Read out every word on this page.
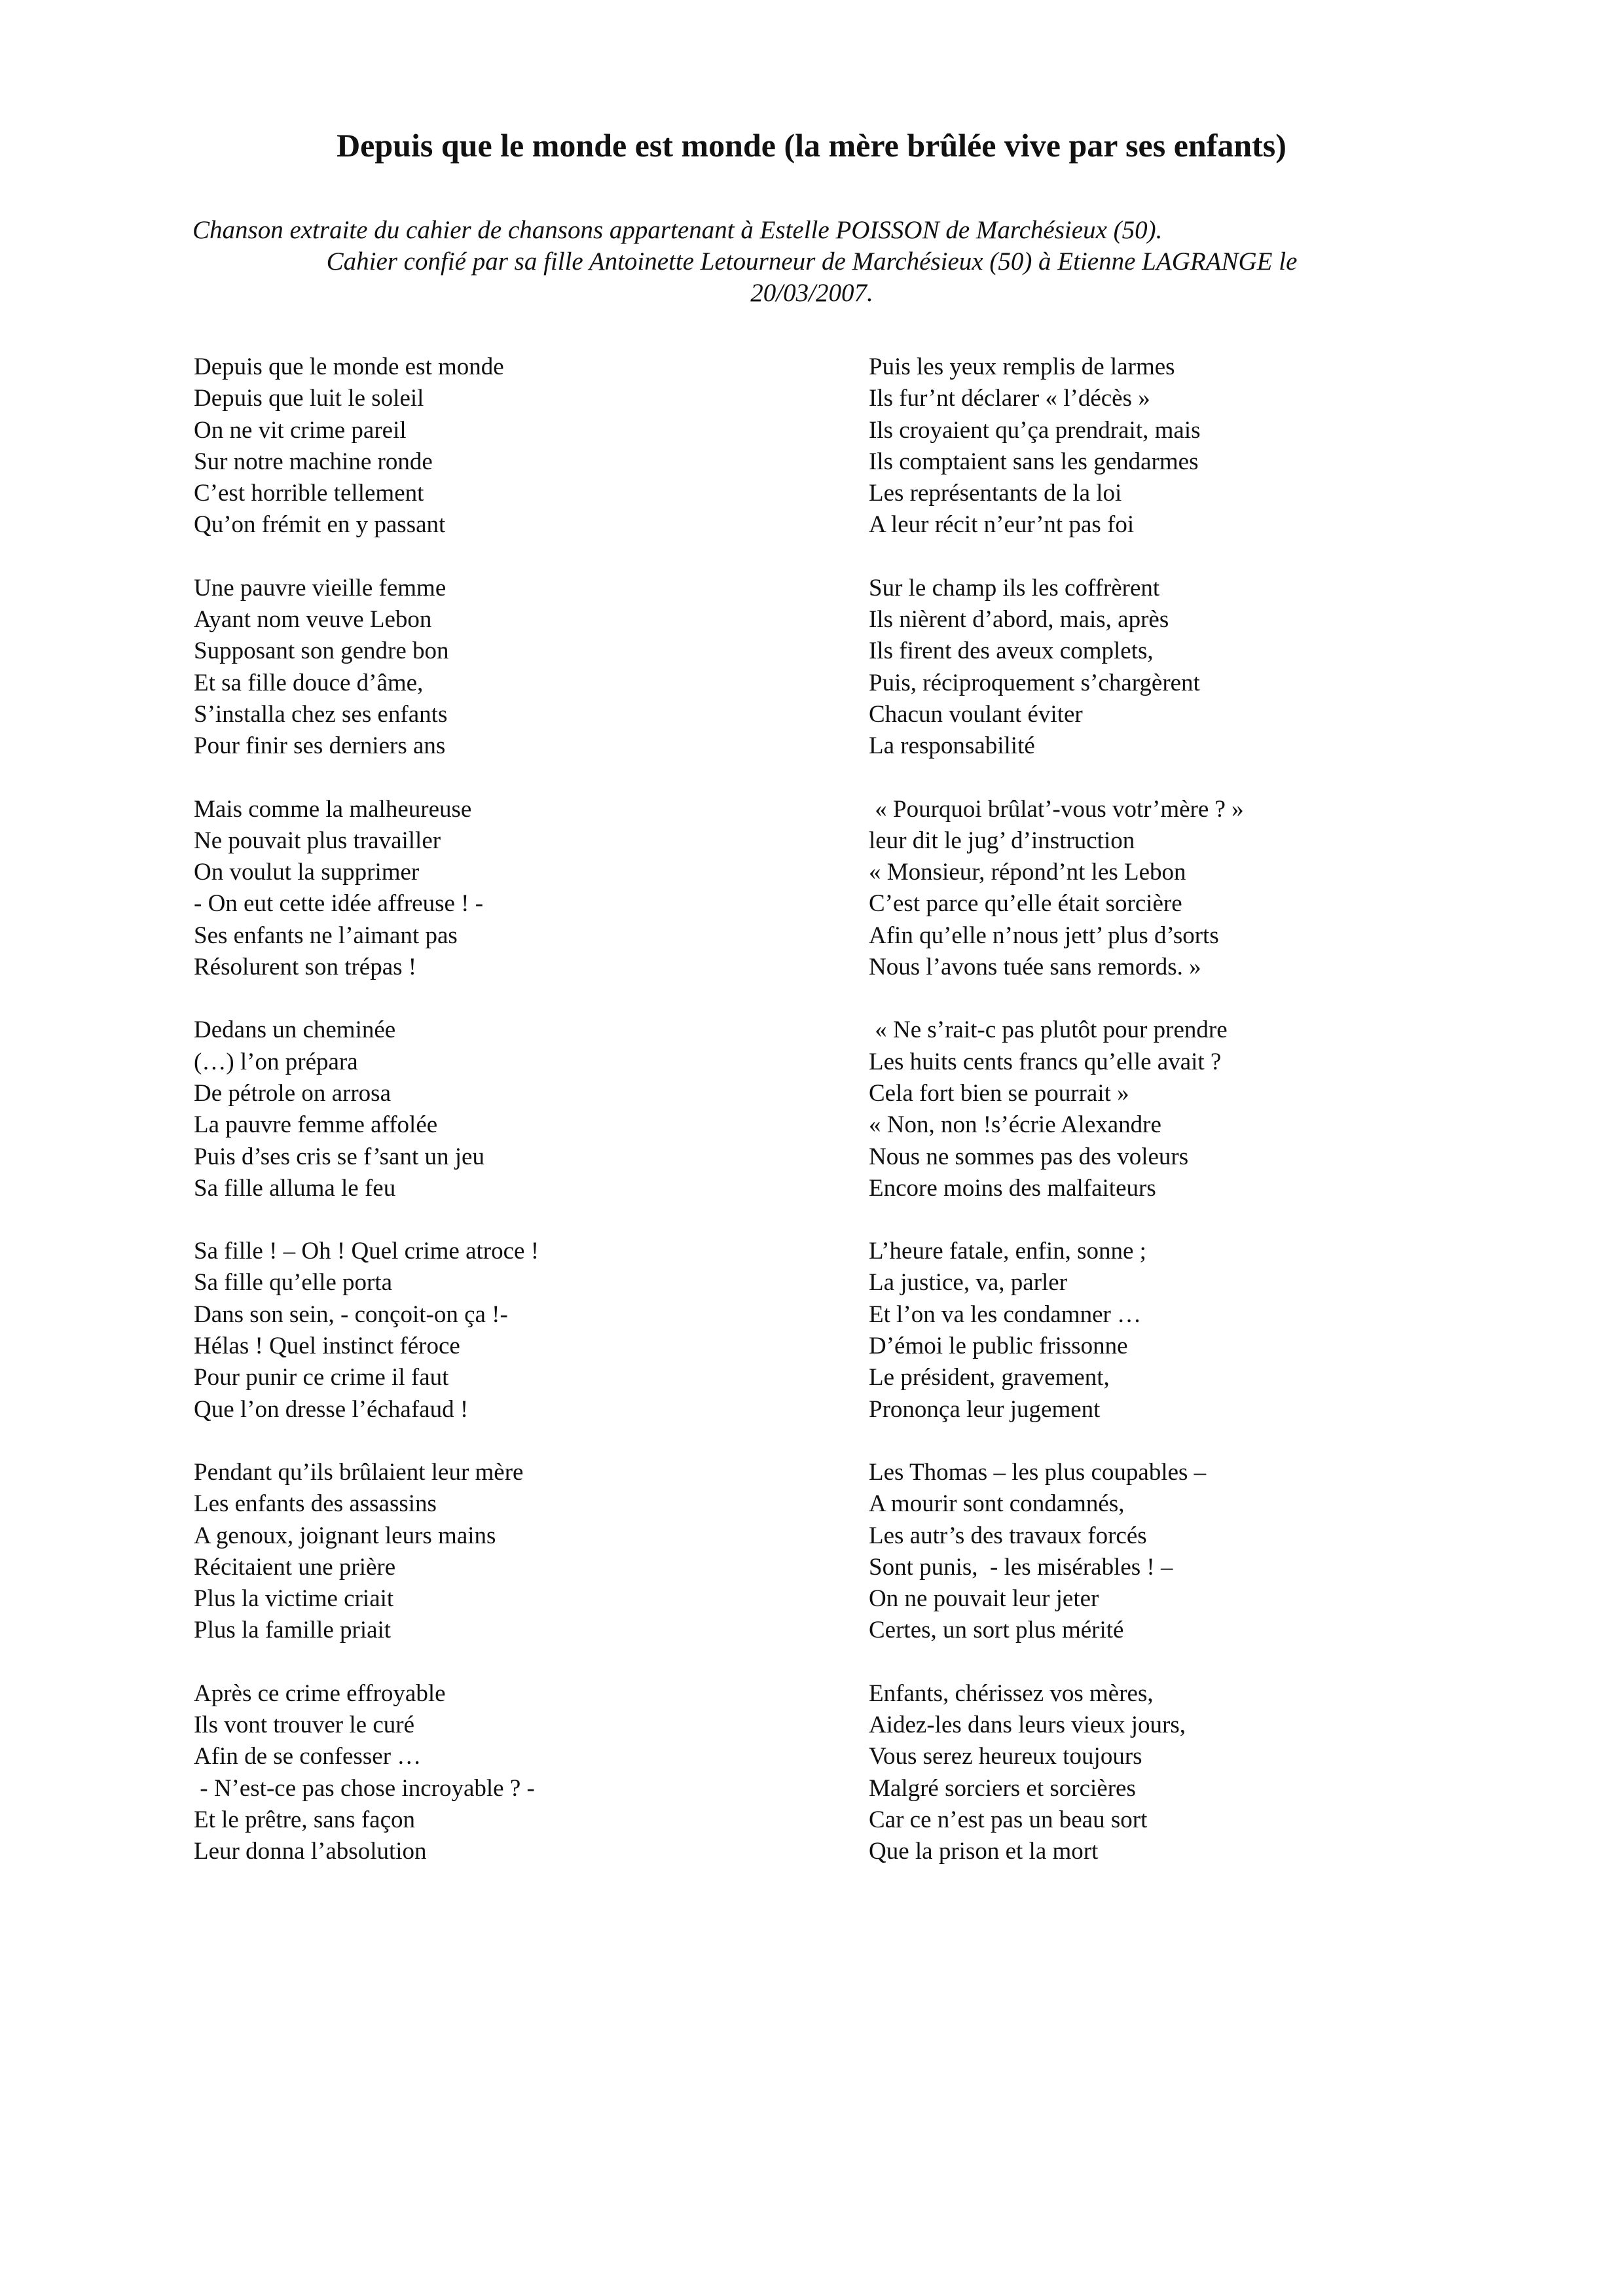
Depuis que le monde est monde (la mère brûlée vive par ses enfants)

Chanson extraite du cahier de chansons appartenant à Estelle POISSON de Marchésieux (50).
Cahier confié par sa fille Antoinette Letourneur de Marchésieux (50) à Etienne LAGRANGE le
20/03/2007.

Depuis que le monde est monde
Depuis que luit le soleil
On ne vit crime pareil
Sur notre machine ronde
C’est horrible tellement
Qu’on frémit en y passant
Une pauvre vieille femme
Ayant nom veuve Lebon
Supposant son gendre bon
Et sa fille douce d’âme,
S’installa chez ses enfants
Pour finir ses derniers ans
Mais comme la malheureuse
Ne pouvait plus travailler
On voulut la supprimer
- On eut cette idée affreuse ! -
Ses enfants ne l’aimant pas
Résolurent son trépas !
Dedans un cheminée
(…) l’on prépara
De pétrole on arrosa
La pauvre femme affolée
Puis d’ses cris se f’sant un jeu
Sa fille alluma le feu
Sa fille ! – Oh ! Quel crime atroce !
Sa fille qu’elle porta
Dans son sein, - conçoit-on ça !-
Hélas ! Quel instinct féroce
Pour punir ce crime il faut
Que l’on dresse l’échafaud !
Pendant qu’ils brûlaient leur mère
Les enfants des assassins
A genoux, joignant leurs mains
Récitaient une prière
Plus la victime criait
Plus la famille priait
Après ce crime effroyable
Ils vont trouver le curé
Afin de se confesser …
- N’est-ce pas chose incroyable ? -
Et le prêtre, sans façon
Leur donna l’absolution
Puis les yeux remplis de larmes
Ils fur’nt déclarer « l’décès »
Ils croyaient qu’ça prendrait, mais
Ils comptaient sans les gendarmes
Les représentants de la loi
A leur récit n’eur’nt pas foi
Sur le champ ils les coffrèrent
Ils nièrent d’abord, mais, après
Ils firent des aveux complets,
Puis, réciproquement s’chargèrent
Chacun voulant éviter
La responsabilité
« Pourquoi brûlat’-vous votr’mère ? »
leur dit le jug’ d’instruction
« Monsieur, répond’nt les Lebon
C’est parce qu’elle était sorcière
Afin qu’elle n’nous jett’ plus d’sorts
Nous l’avons tuée sans remords. »
« Ne s’rait-c pas plutôt pour prendre
Les huits cents francs qu’elle avait ?
Cela fort bien se pourrait »
« Non, non !s’écrie Alexandre
Nous ne sommes pas des voleurs
Encore moins des malfaiteurs
L’heure fatale, enfin, sonne ;
La justice, va, parler
Et l’on va les condamner …
D’émoi le public frissonne
Le président, gravement,
Prononça leur jugement
Les Thomas – les plus coupables –
A mourir sont condamnés,
Les autr’s des travaux forcés
Sont punis,  - les misérables ! –
On ne pouvait leur jeter
Certes, un sort plus mérité
Enfants, chérissez vos mères,
Aidez-les dans leurs vieux jours,
Vous serez heureux toujours
Malgré sorciers et sorcières
Car ce n’est pas un beau sort
Que la prison et la mort
